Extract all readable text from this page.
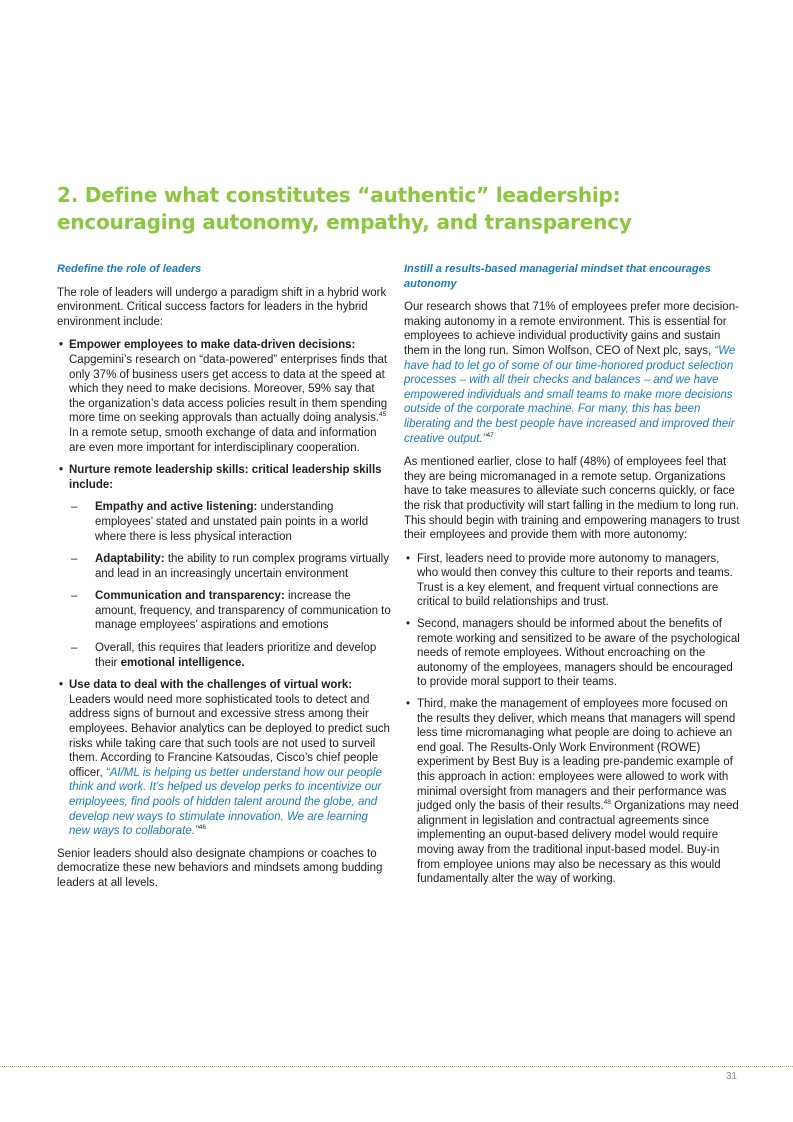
2. Define what constitutes “authentic” leadership:
encouraging autonomy, empathy, and transparency

Redefine the role of leaders

The role of leaders will undergo a paradigm shift in a hybrid work environment. Critical success factors for leaders in the hybrid environment include:

• Empower employees to make data-driven decisions: Capgemini’s research on “data-powered” enterprises finds that only 37% of business users get access to data at the speed at which they need to make decisions. Moreover, 59% say that the organization’s data access policies result in them spending more time on seeking approvals than actually doing analysis.$^{45}$ In a remote setup, smooth exchange of data and information are even more important for interdisciplinary cooperation.
• Nurture remote leadership skills: critical leadership skills include:
– Empathy and active listening: understanding employees’ stated and unstated pain points in a world where there is less physical interaction
– Adaptability: the ability to run complex programs virtually and lead in an increasingly uncertain environment
– Communication and transparency: increase the amount, frequency, and transparency of communication to manage employees’ aspirations and emotions
– Overall, this requires that leaders prioritize and develop their emotional intelligence.
• Use data to deal with the challenges of virtual work: Leaders would need more sophisticated tools to detect and address signs of burnout and excessive stress among their employees. Behavior analytics can be deployed to predict such risks while taking care that such tools are not used to surveil them. According to Francine Katsoudas, Cisco’s chief people officer, “AI/ML is helping us better understand how our people think and work. It’s helped us develop perks to incentivize our employees, find pools of hidden talent around the globe, and develop new ways to stimulate innovation. We are learning new ways to collaborate.”$^{46}$

Senior leaders should also designate champions or coaches to democratize these new behaviors and mindsets among budding leaders at all levels.

Instill a results-based managerial mindset that encourages autonomy

Our research shows that 71% of employees prefer more decision-making autonomy in a remote environment. This is essential for employees to achieve individual productivity gains and sustain them in the long run. Simon Wolfson, CEO of Next plc, says, “We have had to let go of some of our time-honored product selection processes – with all their checks and balances – and we have empowered individuals and small teams to make more decisions outside of the corporate machine. For many, this has been liberating and the best people have increased and improved their creative output.”$^{47}$

As mentioned earlier, close to half (48%) of employees feel that they are being micromanaged in a remote setup. Organizations have to take measures to alleviate such concerns quickly, or face the risk that productivity will start falling in the medium to long run. This should begin with training and empowering managers to trust their employees and provide them with more autonomy:

• First, leaders need to provide more autonomy to managers, who would then convey this culture to their reports and teams. Trust is a key element, and frequent virtual connections are critical to build relationships and trust.
• Second, managers should be informed about the benefits of remote working and sensitized to be aware of the psychological needs of remote employees. Without encroaching on the autonomy of the employees, managers should be encouraged to provide moral support to their teams.
• Third, make the management of employees more focused on the results they deliver, which means that managers will spend less time micromanaging what people are doing to achieve an end goal. The Results-Only Work Environment (ROWE) experiment by Best Buy is a leading pre-pandemic example of this approach in action: employees were allowed to work with minimal oversight from managers and their performance was judged only the basis of their results.$^{48}$ Organizations may need alignment in legislation and contractual agreements since implementing an ouput-based delivery model would require moving away from the traditional input-based model. Buy-in from employee unions may also be necessary as this would fundamentally alter the way of working.
31
